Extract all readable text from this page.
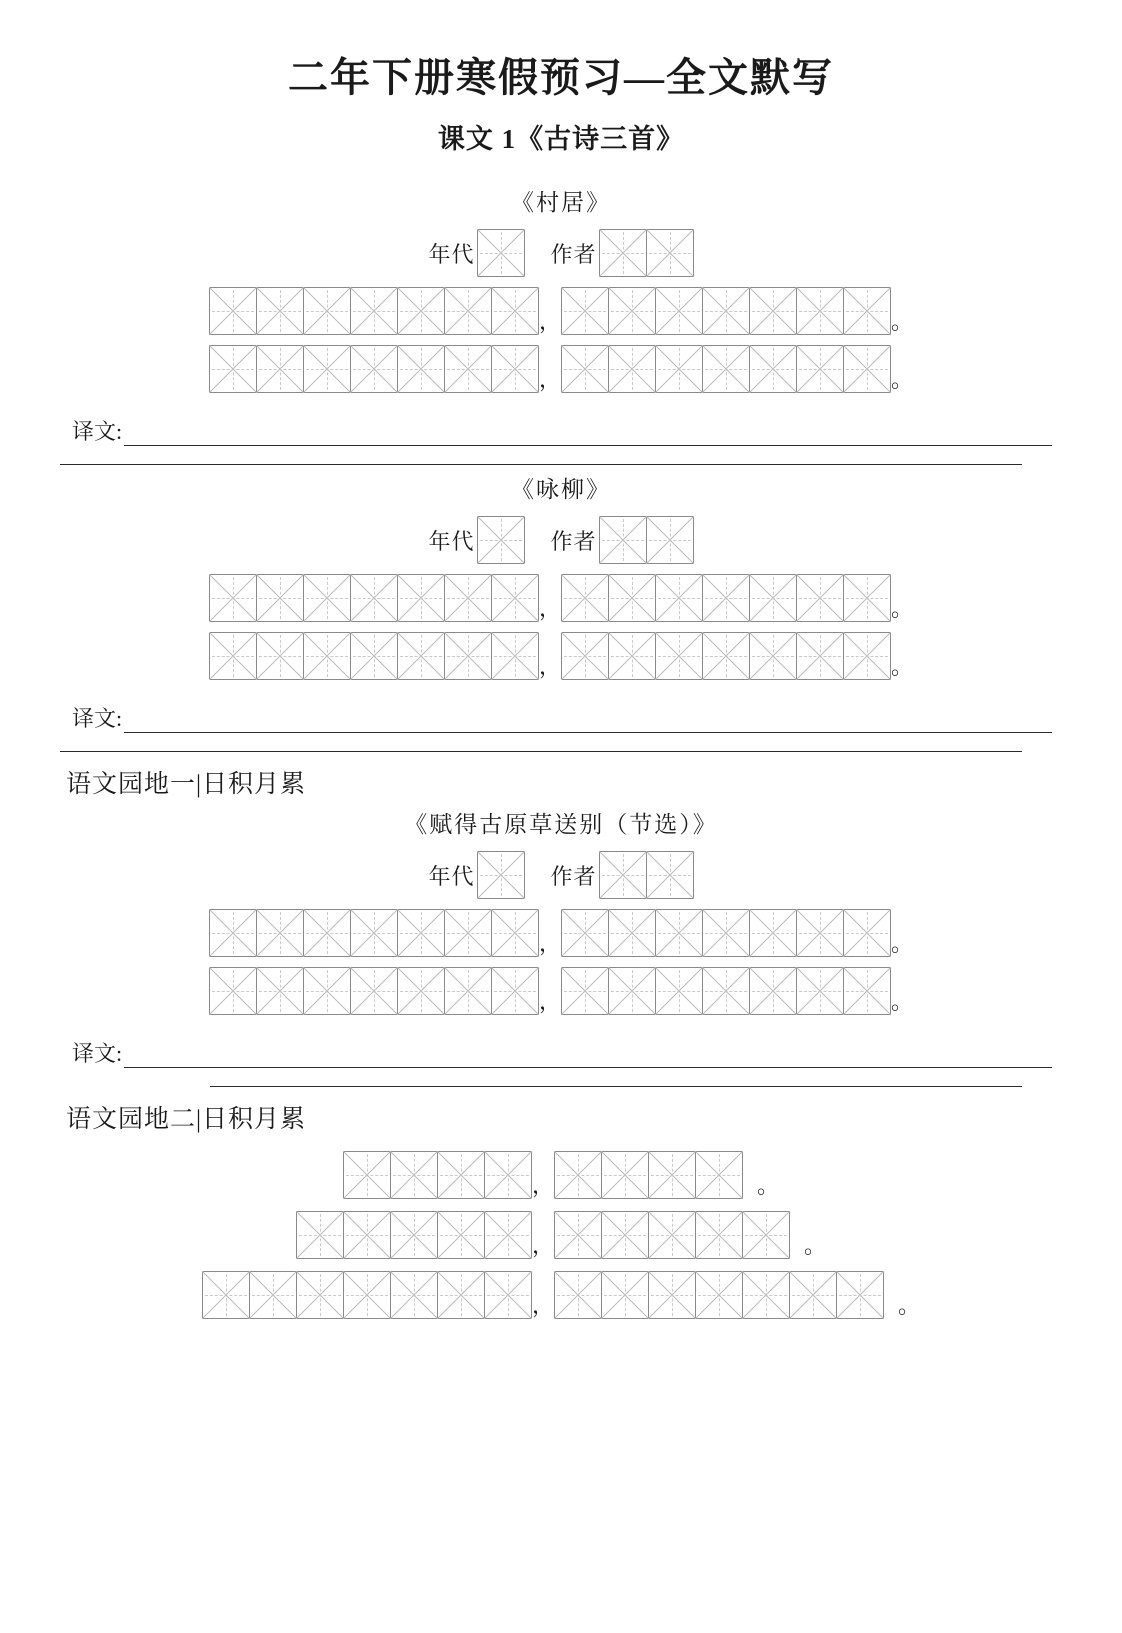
二年下册寒假预习—全文默写
课文 1《古诗三首》
《村居》
年代	作者
，	。
，	。
译文:
《咏柳》
年代	作者
，	。
，	。
译文:
语文园地一|日积月累
《赋得古原草送别（节选）》
年代	作者
，	。
，	。
译文:
语文园地二|日积月累
，	。
，	。
，	。
